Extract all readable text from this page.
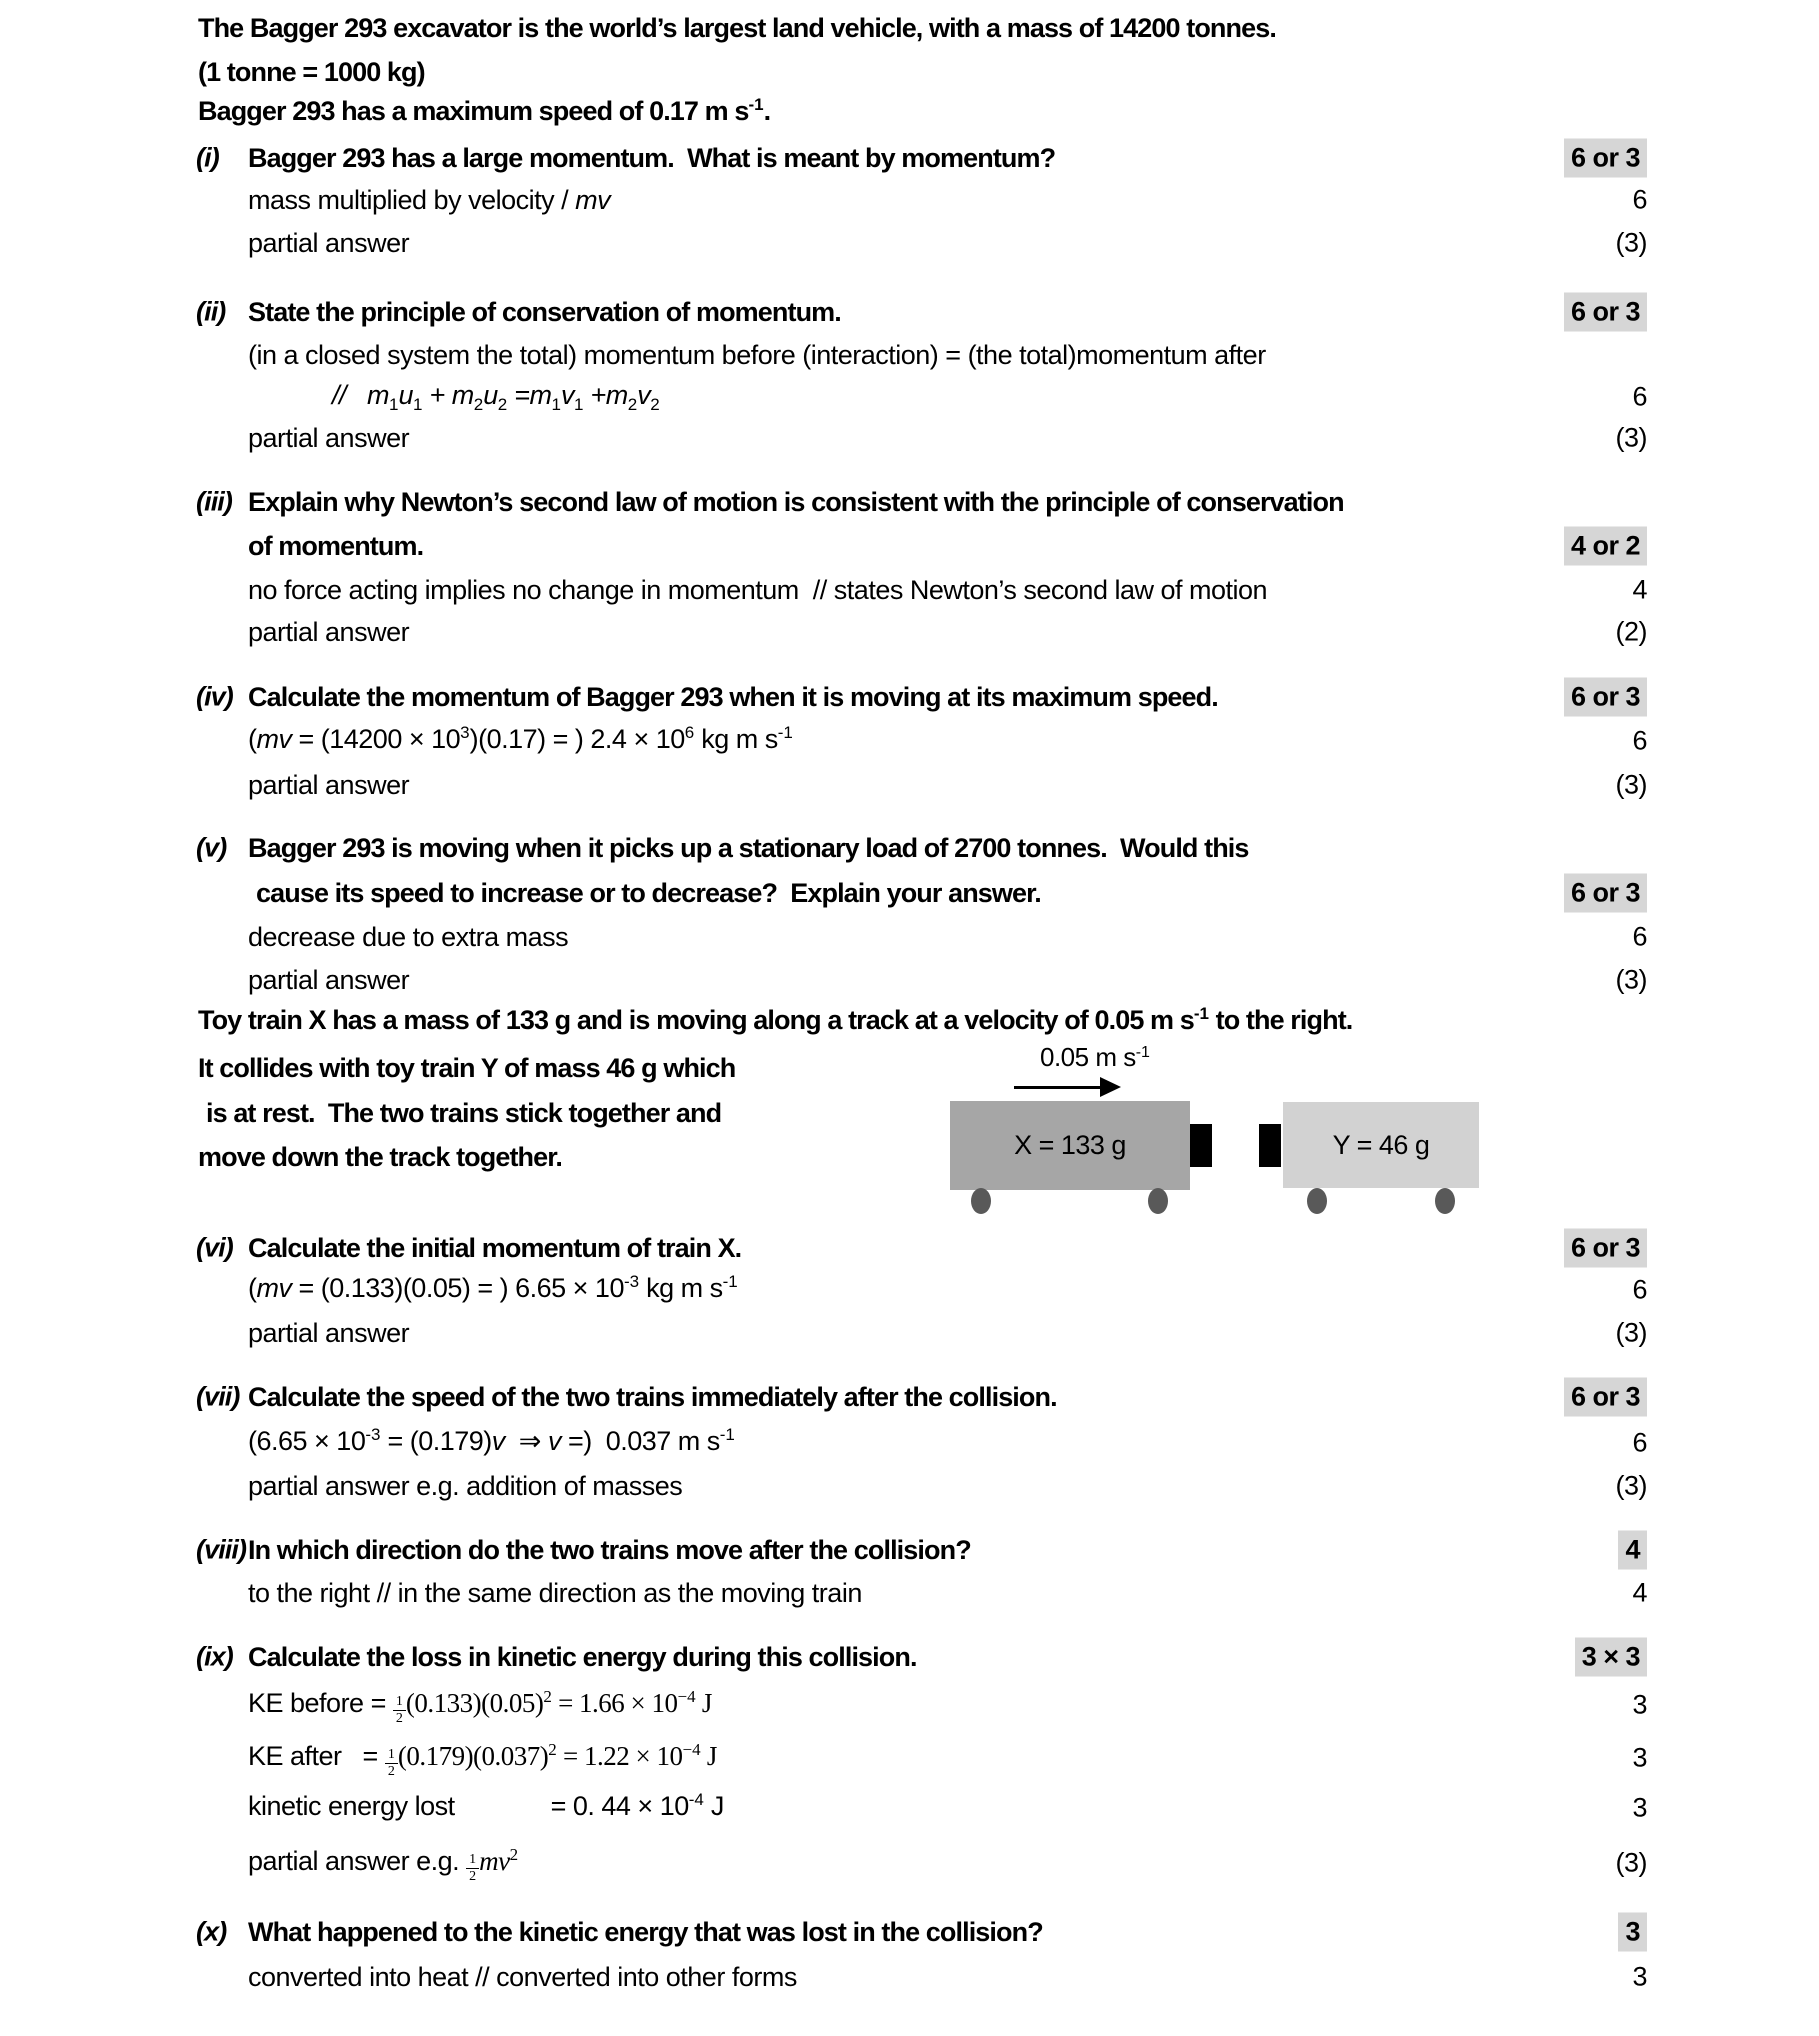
The Bagger 293 excavator is the world’s largest land vehicle, with a mass of 14200 tonnes.
(1 tonne = 1000 kg)
Bagger 293 has a maximum speed of 0.17 m $s^{-1}$.
(i) Bagger 293 has a large momentum.  What is meant by momentum?	6 or 3
mass multiplied by velocity / mv	6
partial answer	(3)
(ii) State the principle of conservation of momentum.	6 or 3
(in a closed system the total) momentum before (interaction) = (the total)momentum after
//   $m_1u_1 + m_2u_2 =m_1v_1 +m_2v_2$	6
partial answer	(3)
(iii) Explain why Newton’s second law of motion is consistent with the principle of conservation
of momentum.	4 or 2
no force acting implies no change in momentum  // states Newton’s second law of motion	4
partial answer	(2)
(iv) Calculate the momentum of Bagger 293 when it is moving at its maximum speed.	6 or 3
($mv = (14200 \times 10^3)(0.17)$ = ) $2.4 \times 10^6$ kg m $s^{-1}$	6
partial answer	(3)
(v) Bagger 293 is moving when it picks up a stationary load of 2700 tonnes.  Would this
cause its speed to increase or to decrease?  Explain your answer.	6 or 3
decrease due to extra mass	6
partial answer	(3)
Toy train X has a mass of 133 g and is moving along a track at a velocity of 0.05 m $s^{-1}$ to the right.
It collides with toy train Y of mass 46 g which
is at rest.  The two trains stick together and
move down the track together.
(vi) Calculate the initial momentum of train X.	6 or 3
(mv = (0.133)(0.05) = ) $6.65 \times 10^{-3}$ kg m $s^{-1}$	6
partial answer	(3)
(vii) Calculate the speed of the two trains immediately after the collision.	6 or 3
($6.65 \times 10^{-3} = (0.179)v$  ⇒ v =)  0.037 m $s^{-1}$	6
partial answer e.g. addition of masses	(3)
(viii) In which direction do the two trains move after the collision?	4
to the right // in the same direction as the moving train	4
(ix) Calculate the loss in kinetic energy during this collision.	3 × 3
KE before = $\frac{1}{2} (0.133)(0.05)^2 = 1.66 \times 10^{-4}$ J	3
KE after   = $\frac{1}{2} (0.179)(0.037)^2 = 1.22 \times 10^{-4}$ J	3
kinetic energy lost	= 0. $44 \times 10^{-4}$ J	3
partial answer e.g. $\frac{1}{2} mv^2$	(3)
(x) What happened to the kinetic energy that was lost in the collision?	3
converted into heat // converted into other forms	3
0.05 m $s^{-1}$
X = 133 g	Y = 46 g
